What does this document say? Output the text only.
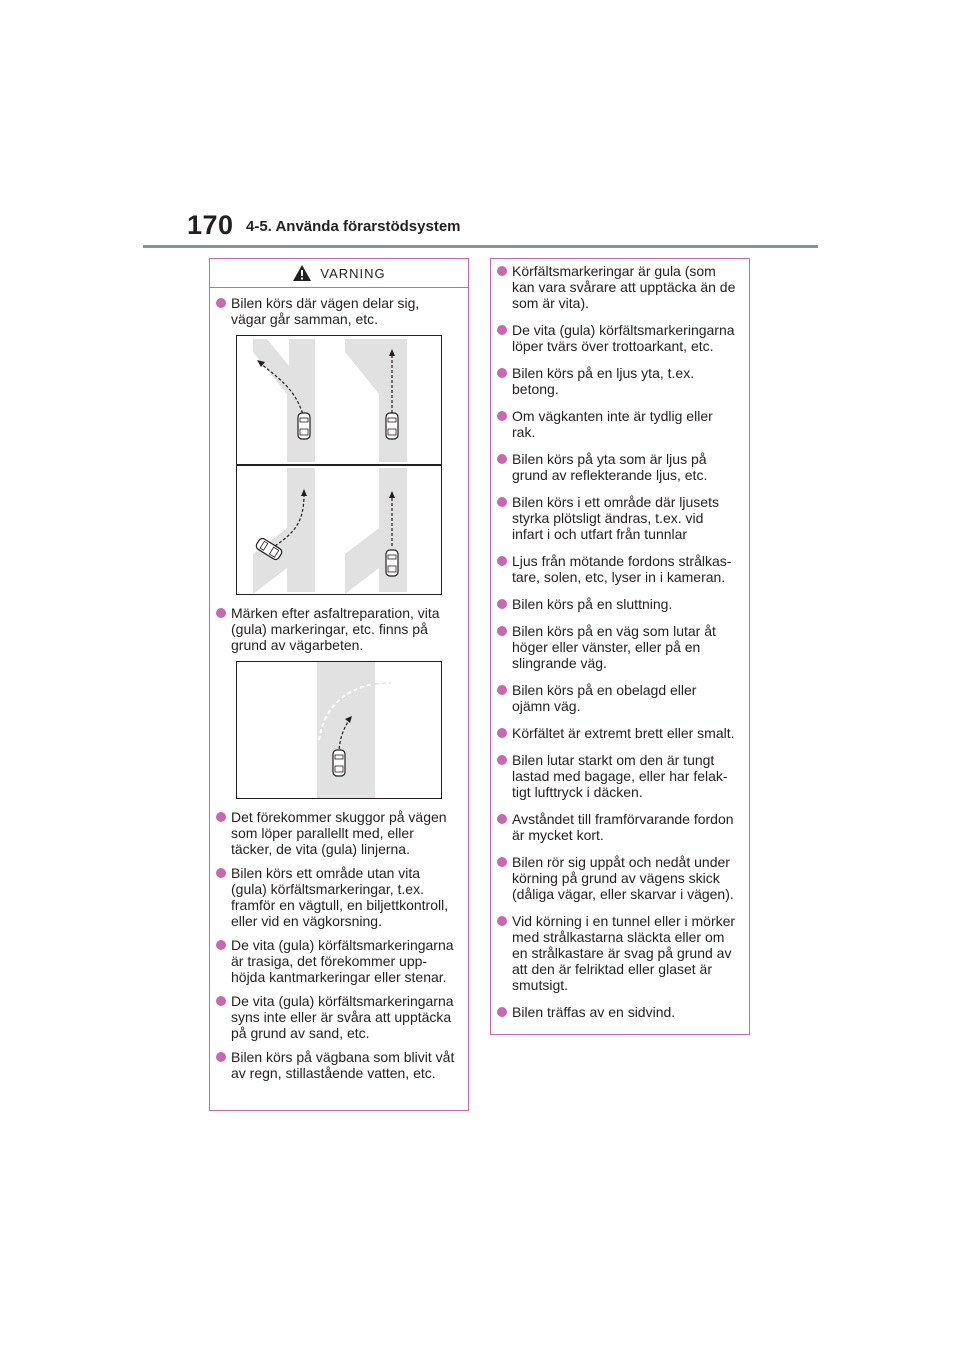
170 4-5. Använda förarstödsystem
VARNING
Bilen körs där vägen delar sig,
vägar går samman, etc.
Märken efter asfaltreparation, vita
(gula) markeringar, etc. finns på
grund av vägarbeten.
Det förekommer skuggor på vägen
som löper parallellt med, eller
täcker, de vita (gula) linjerna.
Bilen körs ett område utan vita
(gula) körfältsmarkeringar, t.ex.
framför en vägtull, en biljettkontroll,
eller vid en vägkorsning.
De vita (gula) körfältsmarkeringarna
är trasiga, det förekommer upp-
höjda kantmarkeringar eller stenar.
De vita (gula) körfältsmarkeringarna
syns inte eller är svåra att upptäcka
på grund av sand, etc.
Bilen körs på vägbana som blivit våt
av regn, stillastående vatten, etc.
Körfältsmarkeringar är gula (som
kan vara svårare att upptäcka än de
som är vita).
De vita (gula) körfältsmarkeringarna
löper tvärs över trottoarkant, etc.
Bilen körs på en ljus yta, t.ex.
betong.
Om vägkanten inte är tydlig eller
rak.
Bilen körs på yta som är ljus på
grund av reflekterande ljus, etc.
Bilen körs i ett område där ljusets
styrka plötsligt ändras, t.ex. vid
infart i och utfart från tunnlar
Ljus från mötande fordons strålkas-
tare, solen, etc, lyser in i kameran.
Bilen körs på en sluttning.
Bilen körs på en väg som lutar åt
höger eller vänster, eller på en
slingrande väg.
Bilen körs på en obelagd eller
ojämn väg.
Körfältet är extremt brett eller smalt.
Bilen lutar starkt om den är tungt
lastad med bagage, eller har felak-
tigt lufttryck i däcken.
Avståndet till framförvarande fordon
är mycket kort.
Bilen rör sig uppåt och nedåt under
körning på grund av vägens skick
(dåliga vägar, eller skarvar i vägen).
Vid körning i en tunnel eller i mörker
med strålkastarna släckta eller om
en strålkastare är svag på grund av
att den är felriktad eller glaset är
smutsigt.
Bilen träffas av en sidvind.
